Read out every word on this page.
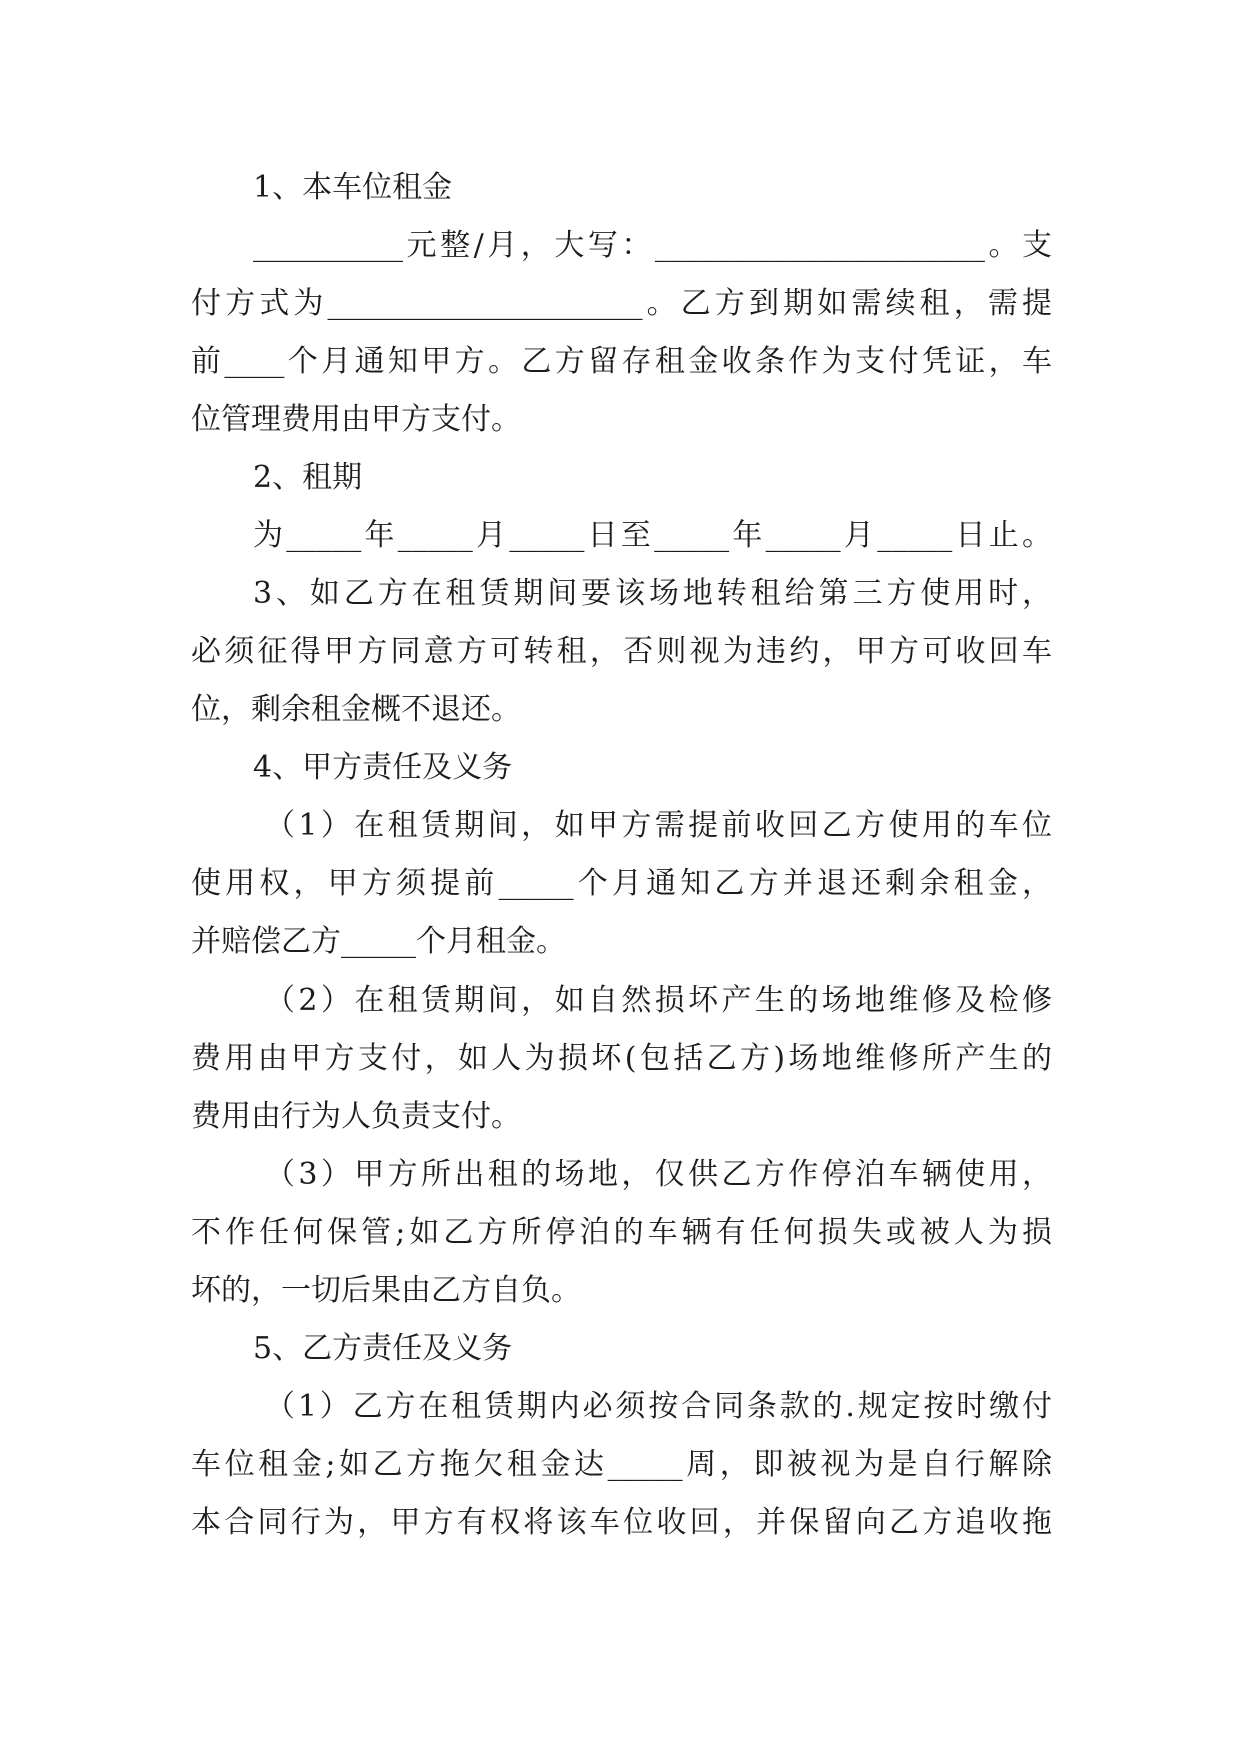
1、本车位租金

__________元整/月，大写：______________________。支

付方式为_____________________。乙方到期如需续租，需提

前____个月通知甲方。乙方留存租金收条作为支付凭证，车

位管理费用由甲方支付。

2、租期

为_____年_____月_____日至_____年_____月_____日止。

3、如乙方在租赁期间要该场地转租给第三方使用时，

必须征得甲方同意方可转租，否则视为违约，甲方可收回车

位，剩余租金概不退还。

4、甲方责任及义务

（1）在租赁期间，如甲方需提前收回乙方使用的车位

使用权，甲方须提前_____个月通知乙方并退还剩余租金，

并赔偿乙方_____个月租金。

（2）在租赁期间，如自然损坏产生的场地维修及检修

费用由甲方支付，如人为损坏(包括乙方)场地维修所产生的

费用由行为人负责支付。

（3）甲方所出租的场地，仅供乙方作停泊车辆使用，

不作任何保管;如乙方所停泊的车辆有任何损失或被人为损

坏的，一切后果由乙方自负。

5、乙方责任及义务

（1）乙方在租赁期内必须按合同条款的.规定按时缴付

车位租金;如乙方拖欠租金达_____周，即被视为是自行解除

本合同行为，甲方有权将该车位收回，并保留向乙方追收拖
